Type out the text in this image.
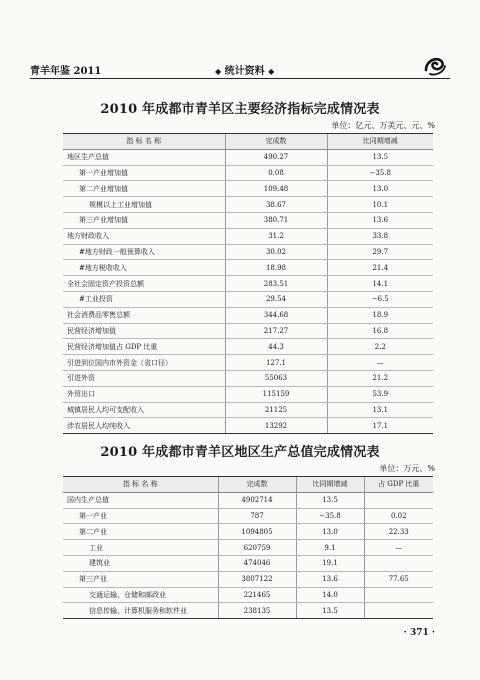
青羊年鉴 2011	◆ 统计资料 ◆
2010 年成都市青羊区主要经济指标完成情况表
单位：亿元、万美元、元、%
指 标 名 称	完成数	比同期增减
地区生产总值	490.27	13.5
第一产业增加值	0.08	−35.8
第二产业增加值	109.48	13.0
规模以上工业增加值	38.67	10.1
第三产业增加值	380.71	13.6
地方财政收入	31.2	33.8
#地方财政一般预算收入	30.02	29.7
#地方税收收入	18.98	21.4
全社会固定资产投资总额	283.51	14.1
#工业投资	29.54	−6.5
社会消费品零售总额	344.68	18.9
民营经济增加值	217.27	16.8
民营经济增加值占 GDP 比重	44.3	2.2
引进到位国内市外资金（省口径）	127.1	—
引进外资	55063	21.2
外贸出口	115159	53.9
城镇居民人均可支配收入	21125	13.1
涉农居民人均纯收入	13292	17.1
2010 年成都市青羊区地区生产总值完成情况表
单位：万元、%
指 标 名 称	完成数	比同期增减	占 GDP 比重
国内生产总值	4902714	13.5	
第一产业	787	−35.8	0.02
第二产业	1094805	13.0	22.33
工业	620759	9.1	—
建筑业	474046	19.1	
第三产业	3807122	13.6	77.65
交通运输、仓储和邮政业	221465	14.0	
信息传输、计算机服务和软件业	238135	13.5	
· 371 ·
